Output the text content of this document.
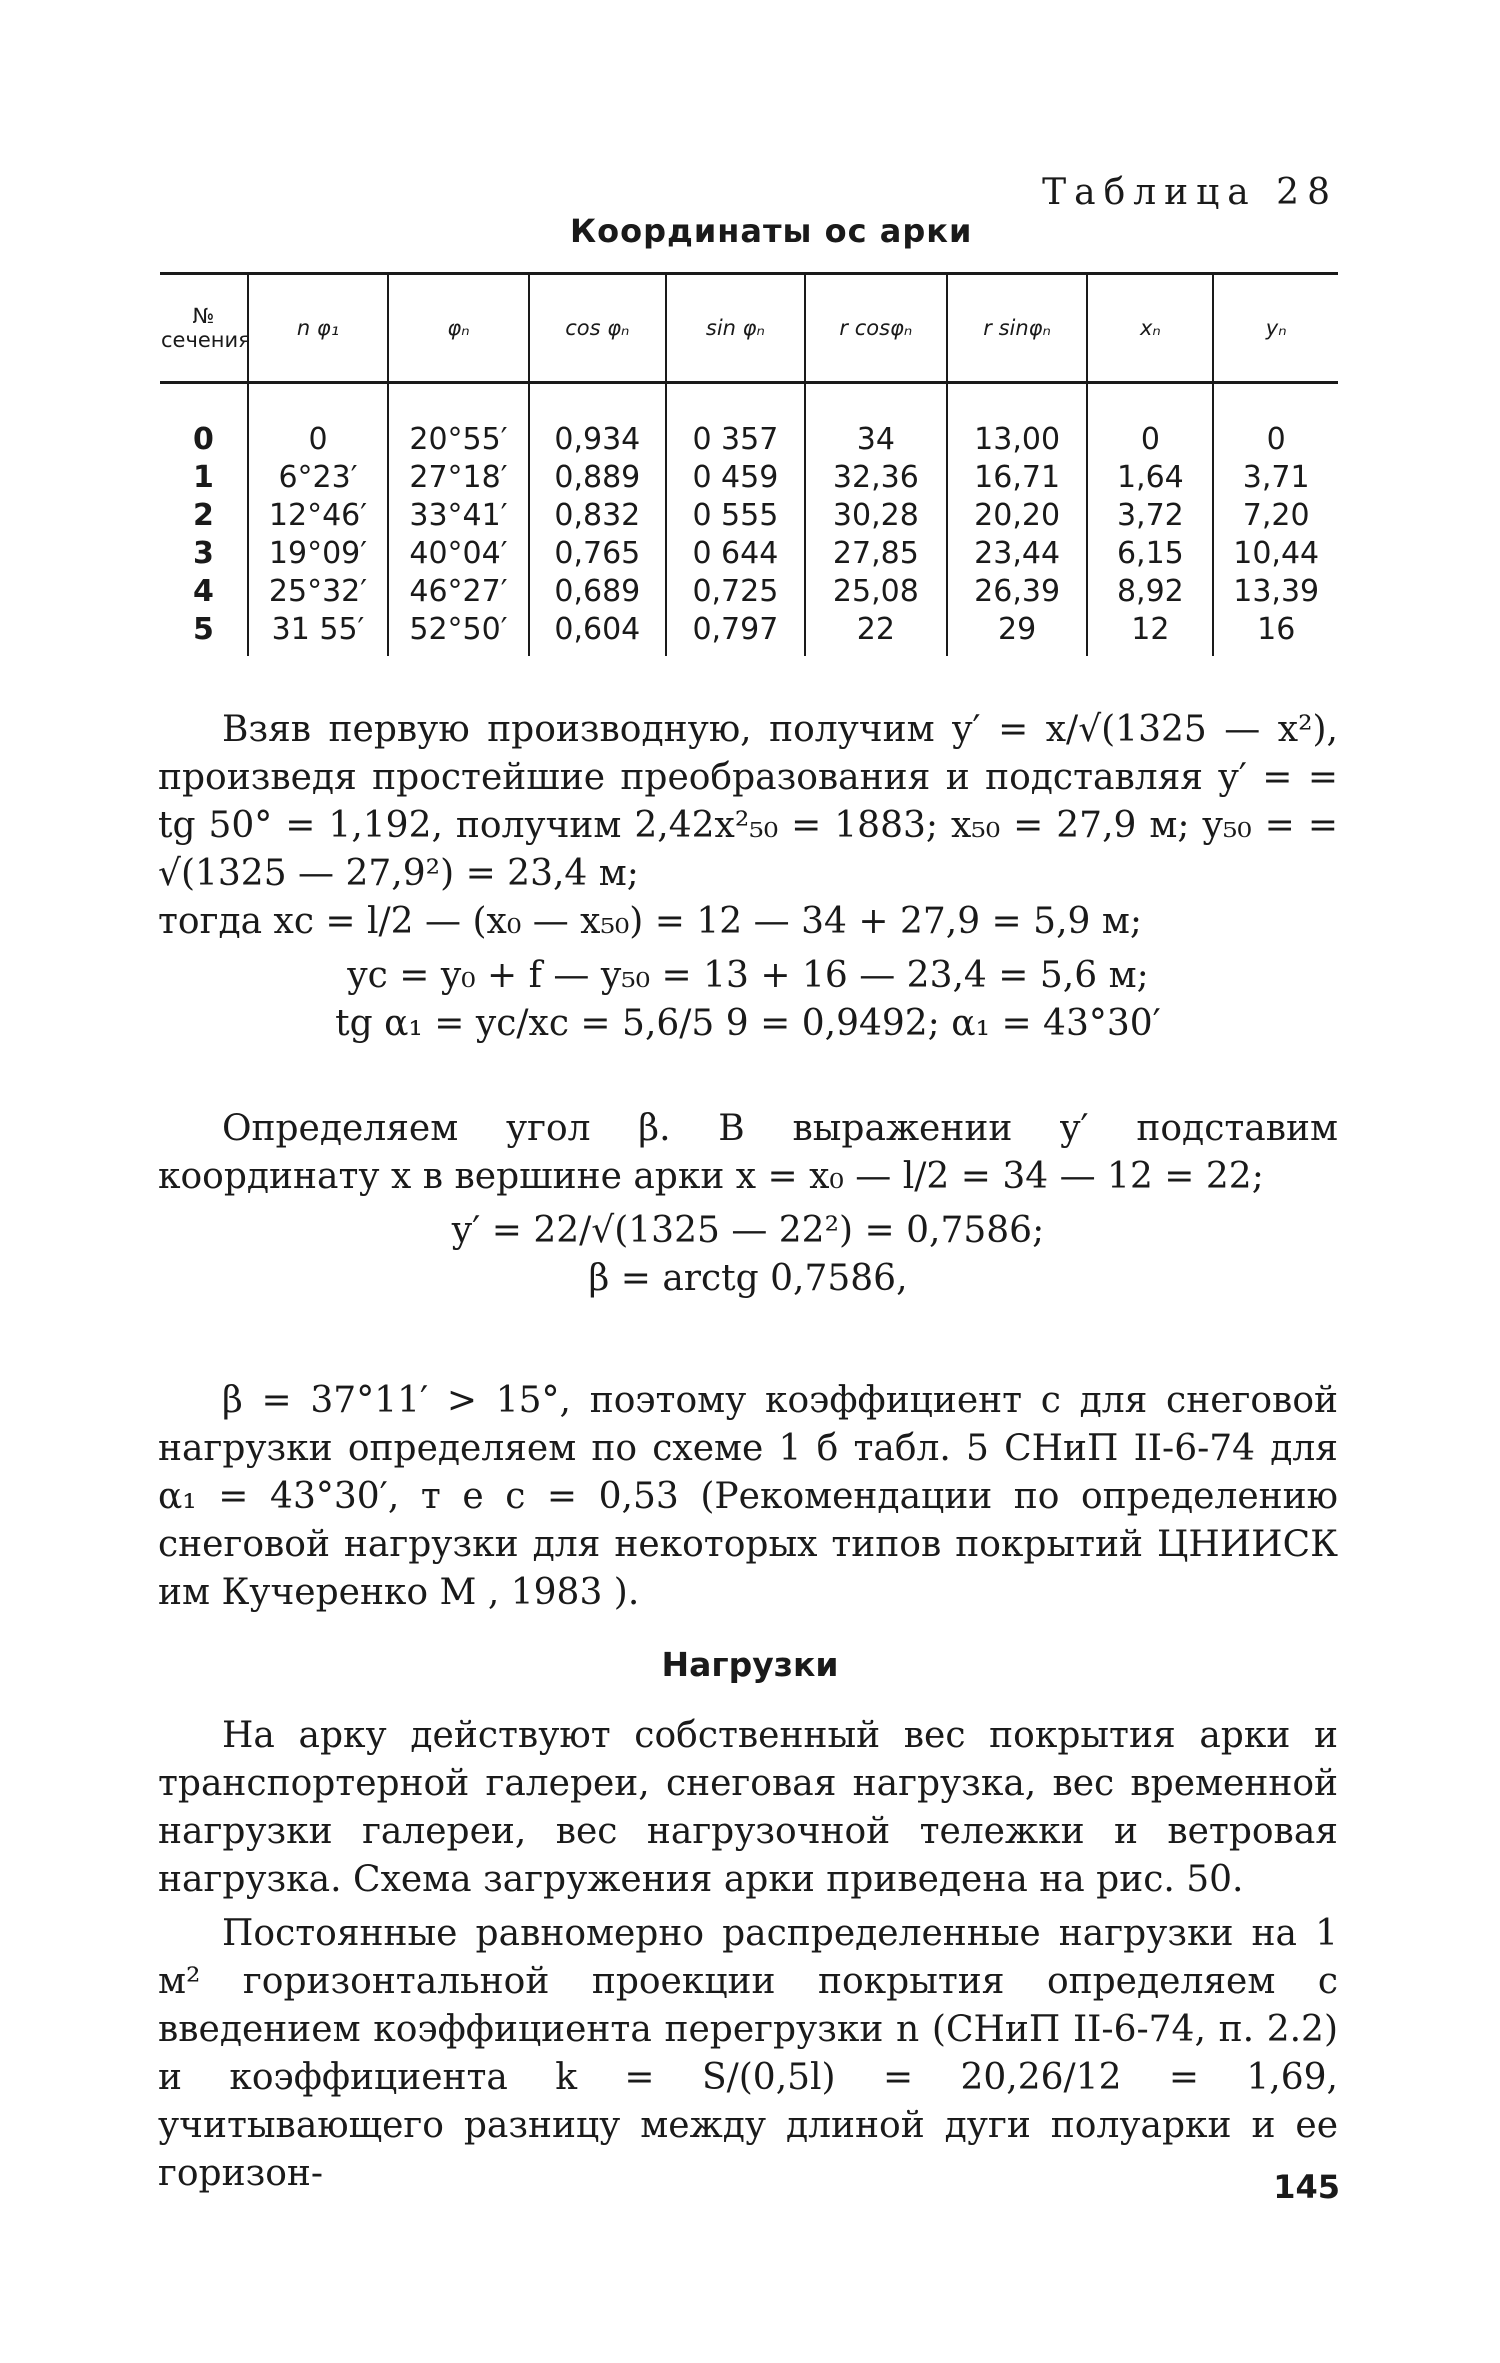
Таблица 28
Координаты ос арки
№ сечения	n φ₁	φₙ	cos φₙ	sin φₙ	r cosφₙ	r sinφₙ	xₙ	yₙ
0	0	20°55′	0,934	0 357	34	13,00	0	0
1	6°23′	27°18′	0,889	0 459	32,36	16,71	1,64	3,71
2	12°46′	33°41′	0,832	0 555	30,28	20,20	3,72	7,20
3	19°09′	40°04′	0,765	0 644	27,85	23,44	6,15	10,44
4	25°32′	46°27′	0,689	0,725	25,08	26,39	8,92	13,39
5	31 55′	52°50′	0,604	0,797	22	29	12	16

Взяв первую производную, получим y′ = x/√(1325 — x²), произведя простейшие преобразования и подставляя y′ = = tg 50° = 1,192, получим 2,42x²₅₀ = 1883; x₅₀ = 27,9 м; y₅₀ = = √(1325 — 27,9²) = 23,4 м;

тогда xc = l/2 — (x₀ — x₅₀) = 12 — 34 + 27,9 = 5,9 м;

yc = y₀ + f — y₅₀ = 13 + 16 — 23,4 = 5,6 м;

tg α₁ = yc/xc = 5,6/5 9 = 0,9492; α₁ = 43°30′

Определяем угол β. В выражении y′ подставим координату x в вершине арки x = x₀ — l/2 = 34 — 12 = 22;

y′ = 22/√(1325 — 22²) = 0,7586;

β = arctg 0,7586,

β = 37°11′ > 15°, поэтому коэффициент c для снеговой нагрузки определяем по схеме 1 б табл. 5 СНиП II-6-74 для α₁ = 43°30′, т е c = 0,53 (Рекомендации по определению снеговой нагрузки для некоторых типов покрытий ЦНИИСК им Кучеренко М , 1983 ).

Нагрузки

На арку действуют собственный вес покрытия арки и транспортерной галереи, снеговая нагрузка, вес временной нагрузки галереи, вес нагрузочной тележки и ветровая нагрузка. Схема загружения арки приведена на рис. 50.

Постоянные равномерно распределенные нагрузки на 1 м² горизонтальной проекции покрытия определяем с введением коэффициента перегрузки n (СНиП II-6-74, п. 2.2) и коэффициента k = S/(0,5l) = 20,26/12 = 1,69, учитывающего разницу между длиной дуги полуарки и ее горизон-	145
